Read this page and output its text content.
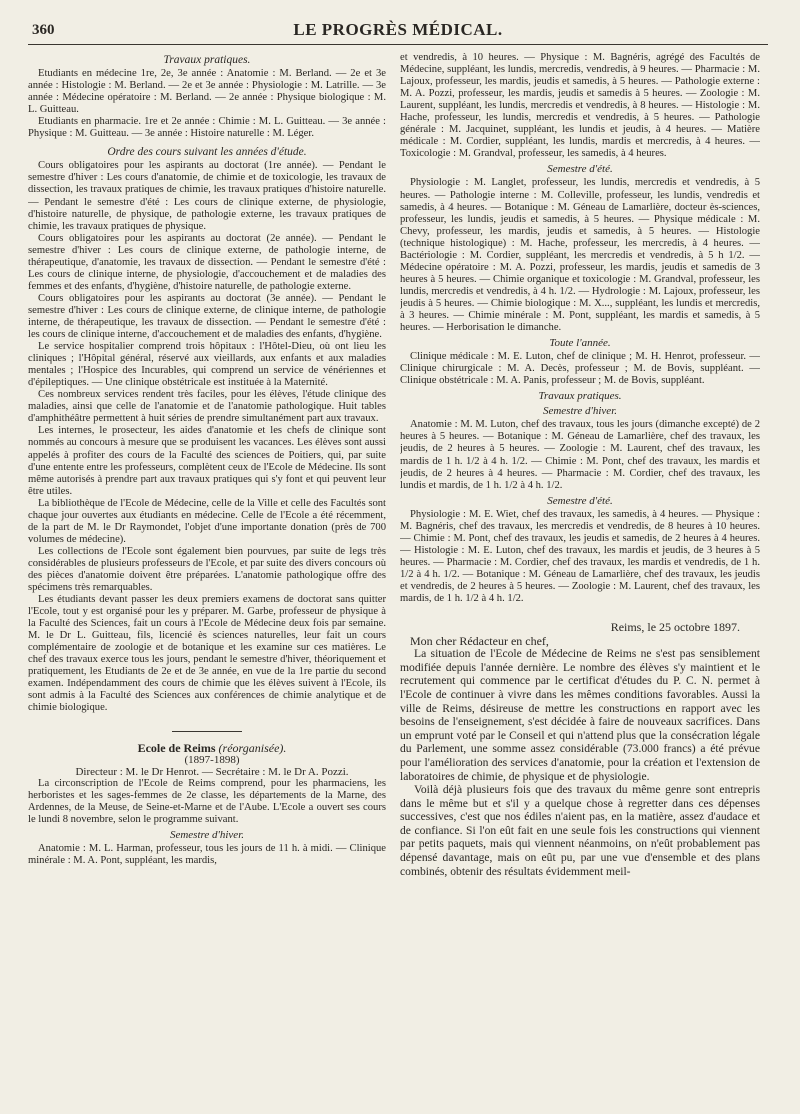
360	LE PROGRÈS MÉDICAL.
Travaux pratiques.

Etudiants en médecine 1re, 2e, 3e année : Anatomie : M. Berland. — 2e et 3e année : Histologie : M. Berland. — 2e et 3e année : Physiologie : M. Latrille. — 3e année : Médecine opératoire : M. Berland. — 2e année : Physique biologique : M. L. Guitteau.

Etudiants en pharmacie. 1re et 2e année : Chimie : M. L. Guitteau. — 3e année : Physique : M. Guitteau. — 3e année : Histoire naturelle : M. Léger.

Ordre des cours suivant les années d'étude.

Cours obligatoires pour les aspirants au doctorat (1re année). — Pendant le semestre d'hiver : Les cours d'anatomie, de chimie et de toxicologie, les travaux de dissection, les travaux pratiques de chimie, les travaux pratiques d'histoire naturelle. — Pendant le semestre d'été : Les cours de clinique externe, de physiologie, d'histoire naturelle, de physique, de pathologie externe, les travaux pratiques de chimie, les travaux pratiques de physique.

Cours obligatoires pour les aspirants au doctorat (2e année). — Pendant le semestre d'hiver : Les cours de clinique externe, de pathologie interne, de thérapeutique, d'anatomie, les travaux de dissection. — Pendant le semestre d'été : Les cours de clinique interne, de physiologie, d'accouchement et de maladies des femmes et des enfants, d'hygiène, d'histoire naturelle, de pathologie externe.

Cours obligatoires pour les aspirants au doctorat (3e année). — Pendant le semestre d'hiver : Les cours de clinique externe, de clinique interne, de pathologie interne, de thérapeutique, les travaux de dissection. — Pendant le semestre d'été : les cours de clinique interne, d'accouchement et de maladies des enfants, d'hygiène.

Le service hospitalier comprend trois hôpitaux : l'Hôtel-Dieu, où ont lieu les cliniques ; l'Hôpital général, réservé aux vieillards, aux enfants et aux maladies mentales ; l'Hospice des Incurables, qui comprend un service de vénériennes et d'épileptiques. — Une clinique obstétricale est instituée à la Maternité.

Ces nombreux services rendent très faciles, pour les élèves, l'étude clinique des maladies, ainsi que celle de l'anatomie et de l'anatomie pathologique. Huit tables d'amphithéâtre permettent à huit séries de prendre simultanément part aux travaux.

Les internes, le prosecteur, les aides d'anatomie et les chefs de clinique sont nommés au concours à mesure que se produisent les vacances. Les élèves sont aussi appelés à profiter des cours de la Faculté des sciences de Poitiers, qui, par suite d'une entente entre les professeurs, complètent ceux de l'Ecole de Médecine. Ils sont même autorisés à prendre part aux travaux pratiques qui s'y font et qui peuvent leur être utiles.

La bibliothèque de l'Ecole de Médecine, celle de la Ville et celle des Facultés sont chaque jour ouvertes aux étudiants en médecine. Celle de l'Ecole a été récemment, de la part de M. le Dr Raymondet, l'objet d'une importante donation (près de 700 volumes de médecine).

Les collections de l'Ecole sont également bien pourvues, par suite de legs très considérables de plusieurs professeurs de l'Ecole, et par suite des divers concours où des pièces d'anatomie doivent être préparées. L'anatomie pathologique offre des spécimens très remarquables.

Les étudiants devant passer les deux premiers examens de doctorat sans quitter l'Ecole, tout y est organisé pour les y préparer. M. Garbe, professeur de physique à la Faculté des Sciences, fait un cours à l'Ecole de Médecine deux fois par semaine. M. le Dr L. Guitteau, fils, licencié ès sciences naturelles, leur fait un cours complémentaire de zoologie et de botanique et les examine sur ces matières. Le chef des travaux exerce tous les jours, pendant le semestre d'hiver, théoriquement et pratiquement, les Etudiants de 2e et de 3e année, en vue de la 1re partie du second examen. Indépendamment des cours de chimie que les élèves suivent à l'Ecole, ils sont admis à la Faculté des Sciences aux conférences de chimie analytique et de chimie biologique.

Ecole de Reims (réorganisée).

(1897-1898)

Directeur : M. le Dr Henrot. — Secrétaire : M. le Dr A. Pozzi.

La circonscription de l'Ecole de Reims comprend, pour les pharmaciens, les herboristes et les sages-femmes de 2e classe, les départements de la Marne, des Ardennes, de la Meuse, de Seine-et-Marne et de l'Aube. L'Ecole a ouvert ses cours le lundi 8 novembre, selon le programme suivant.

Semestre d'hiver.

Anatomie : M. L. Harman, professeur, tous les jours de 11 h. à midi. — Clinique minérale : M. A. Pont, suppléant, les mardis,

et vendredis, à 10 heures. — Physique : M. Bagnéris, agrégé des Facultés de Médecine, suppléant, les lundis, mercredis, vendredis, à 9 heures. — Pharmacie : M. Lajoux, professeur, les mardis, jeudis et samedis, à 5 heures. — Pathologie externe : M. A. Pozzi, professeur, les mardis, jeudis et samedis à 5 heures. — Zoologie : M. Laurent, suppléant, les lundis, mercredis et vendredis, à 8 heures. — Histologie : M. Hache, professeur, les lundis, mercredis et vendredis, à 5 heures. — Pathologie générale : M. Jacquinet, suppléant, les lundis et jeudis, à 4 heures. — Matière médicale : M. Cordier, suppléant, les lundis, mardis et mercredis, à 4 heures. — Toxicologie : M. Grandval, professeur, les samedis, à 4 heures.

Semestre d'été.

Physiologie : M. Langlet, professeur, les lundis, mercredis et vendredis, à 5 heures. — Pathologie interne : M. Colleville, professeur, les lundis, vendredis et samedis, à 4 heures. — Botanique : M. Géneau de Lamarlière, docteur ès-sciences, professeur, les lundis, jeudis et samedis, à 5 heures. — Physique médicale : M. Chevy, professeur, les mardis, jeudis et samedis, à 5 heures. — Histologie (technique histologique) : M. Hache, professeur, les mercredis, à 4 heures. — Bactériologie : M. Cordier, suppléant, les mercredis et vendredis, à 5 h 1/2. — Médecine opératoire : M. A. Pozzi, professeur, les mardis, jeudis et samedis de 3 heures à 5 heures. — Chimie organique et toxicologie : M. Grandval, professeur, les lundis, mercredis et vendredis, à 4 h. 1/2. — Hydrologie : M. Lajoux, professeur, les jeudis à 5 heures. — Chimie biologique : M. X..., suppléant, les lundis et mercredis, à 3 heures. — Chimie minérale : M. Pont, suppléant, les mardis et samedis, à 5 heures. — Herborisation le dimanche.

Toute l'année.

Clinique médicale : M. E. Luton, chef de clinique ; M. H. Henrot, professeur. — Clinique chirurgicale : M. A. Decès, professeur ; M. de Bovis, suppléant. — Clinique obstétricale : M. A. Panis, professeur ; M. de Bovis, suppléant.

Travaux pratiques.
Semestre d'hiver.

Anatomie : M. M. Luton, chef des travaux, tous les jours (dimanche excepté) de 2 heures à 5 heures. — Botanique : M. Géneau de Lamarlière, chef des travaux, les jeudis, de 2 heures à 5 heures. — Zoologie : M. Laurent, chef des travaux, les mardis de 1 h. 1/2 à 4 h. 1/2. — Chimie : M. Pont, chef des travaux, les mardis et jeudis, de 2 heures à 4 heures. — Pharmacie : M. Cordier, chef des travaux, les lundis et mardis, de 1 h. 1/2 à 4 h. 1/2.

Semestre d'été.

Physiologie : M. E. Wiet, chef des travaux, les samedis, à 4 heures. — Physique : M. Bagnéris, chef des travaux, les mercredis et vendredis, de 8 heures à 10 heures. — Chimie : M. Pont, chef des travaux, les jeudis et samedis, de 2 heures à 4 heures. — Histologie : M. E. Luton, chef des travaux, les mardis et jeudis, de 3 heures à 5 heures. — Pharmacie : M. Cordier, chef des travaux, les mardis et vendredis, de 1 h. 1/2 à 4 h. 1/2. — Botanique : M. Géneau de Lamarlière, chef des travaux, les jeudis et vendredis, de 2 heures à 5 heures. — Zoologie : M. Laurent, chef des travaux, les mardis, de 1 h. 1/2 à 4 h. 1/2.

Reims, le 25 octobre 1897.

Mon cher Rédacteur en chef,

La situation de l'Ecole de Médecine de Reims ne s'est pas sensiblement modifiée depuis l'année dernière. Le nombre des élèves s'y maintient et le recrutement qui commence par le certificat d'études du P. C. N. permet à l'Ecole de continuer à vivre dans les mêmes conditions favorables. Aussi la ville de Reims, désireuse de mettre les constructions en rapport avec les besoins de l'enseignement, s'est décidée à faire de nouveaux sacrifices. Dans un emprunt voté par le Conseil et qui n'attend plus que la consécration légale du Parlement, une somme assez considérable (73.000 francs) a été prévue pour l'amélioration des services d'anatomie, pour la création et l'extension de laboratoires de chimie, de physique et de physiologie.

Voilà déjà plusieurs fois que des travaux du même genre sont entrepris dans le même but et s'il y a quelque chose à regretter dans ces dépenses successives, c'est que nos édiles n'aient pas, en la matière, assez d'audace et de confiance. Si l'on eût fait en une seule fois les constructions qui viennent par petits paquets, mais qui viennent néanmoins, on n'eût probablement pas dépensé davantage, mais on eût pu, par une vue d'ensemble et des plans combinés, obtenir des résultats évidemment meil-
